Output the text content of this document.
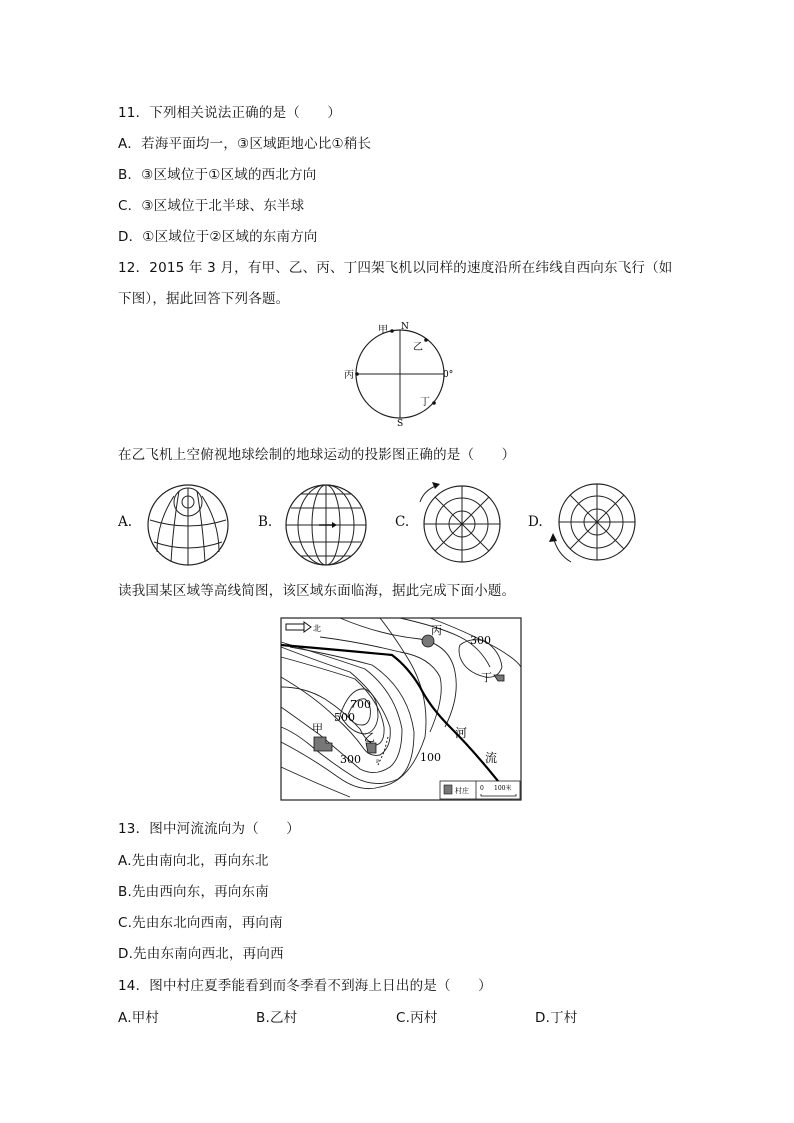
11．下列相关说法正确的是（　　）
A．若海平面均一，③区域距地心比①稍长
B．③区域位于①区域的西北方向
C．③区域位于北半球、东半球
D．①区域位于②区域的东南方向
12．2015 年 3 月，有甲、乙、丙、丁四架飞机以同样的速度沿所在纬线自西向东飞行（如
下图），据此回答下列各题。
甲 N
乙
丙	0°
丁
S
在乙飞机上空俯视地球绘制的地球运动的投影图正确的是（　　）
A.	B.	C.	D.
读我国某区域等高线简图，该区域东面临海，据此完成下面小题。
北
P
300
700
500
300	100
甲
乙
丙
丁
河
流
村庄 0 100米
13．图中河流流向为（　　）
A.先由南向北，再向东北
B.先由西向东，再向东南
C.先由东北向西南，再向南
D.先由东南向西北，再向西
14．图中村庄夏季能看到而冬季看不到海上日出的是（　　）
A.甲村	B.乙村	C.丙村	D.丁村
